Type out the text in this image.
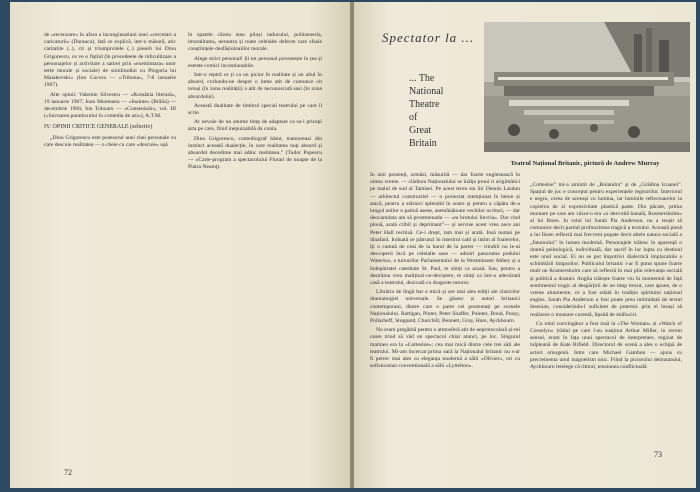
de «recenzare» în afara a incongiutatiuni unei «cercetari a caricaturii» (Durauca), lată ce explică, intr-o măsură, atic caritatile (..), cit și triumpivitele (..) pieseli lui Dinu Grigorescu, ce ve o fiștiid (în procedeele de ridicultizare a personajelor și activitare a satirei prin «exemintara» unor terte morale și sociale) de similitudini cu Plogoria lui Maiakovski» (Ion Cocora — «Tribuna», 7-8 ianuarie 1967).

Alte opinii: Valentin Silvestru — «România literară», 19 ianuarie 1967; Ioan Munteanu — «Inainte» (Brăila) — decembrie 1966; Ion Toboaru — «Conseninăr», vol. III («Savoarea paradoxului în comedia de azi»), A.T.M.

IV. OPINII CRITICE GENERALE (selectiv)

„Dinu Grigorescu este posesorul unei chei personale cu care descuie realitatea — o cheie cu care «descuie» ușă

în spatele căreia stau piloși raducului, politzeneria, imoralitatea, neruntra și toate celelalte defecte care sfasie conștiințele desfășioloaiilor morale.

Alege strict personal! Și tot personal povestește în țea și esteste comici incontiunabile.

Intr-o reptră ce ți ca un picior în realitate și un altul în absurd, corlundu-ne despre o lume atit de comunce cit totuși (în zona realității) a atit de necunoscută sasi (în zona absurdului).

Această dualitate de timbrul special teatrului pe care il scrie.

Ar nevoie de un anume timp de adaptare ca sa-i pricepi arta pe care, fiind inepuizabilă da conia.

Dinu Grigorescu, comediograf bătut, mamoreazi din instinct această dualecție, în care realitatea nuți absurd și absurdul decedime mai adinc realitatea.” (Tudor Popescu — «Carte-program a spectacolului Florari de noapte de la Piatra Neamț).

72
Spectator la ...
... The
National
Theatre
of
Great
Britain
Teatrul Național Britanic, pictură de Andrew Murray

In anii prezenți, urmăsi, măsurită — dar foarte englezească în uitma vreme. — clădirea Naționalului se înălța pruni ti arigimătici pe malul de sud al Tamisei. Pe acest teren sta Sir Dennis Lasdun — arhitectul constructiei — n proiectat intenționat în beton și atacă, pentru a stârnici splendid în soare și pentru a căpăta de-a lungul anilor o patină asene, asemănătoare vechilor ocrituri, — dar deocamdata am să prostmenada — «ta brutului linvria». Dar cind plouă, arată cribil și deprimant”— și servise acest vreo zece ani Peter Hall recitisă. Ce-i drept, tam mai și arată. Insă numai pe dinafară. Induată ce pătrunzi în interirul cald și intim al foaierelor, îți o camnă de ceai de la barul de la parter — trindrii nu le-ai descoperit încă pe celelalte sase — admiri panorama podului Waterloo, a turnurilor Parlamentului de la Westminster Abbey și a îndepărtatei catedrale St. Paul, te simți ca acasă. Sau, pentru a destrăma vreo malițiozi-ce-deviștere, te simți ca într-o adevărată casă a teatrului, dezicată cu dragoste tuturor.

Librăria de lîngă bar e mică și are mai ales ediții ale clasicilor dramaturgiei universale. Se găsesc și autori britanici contemporani, dintre care o parte cei prezentați pe scenele Naționalului. Rattigan, Pinter, Peter Shaffer, Pointer, Bond, Poszy, Pollarheff, Stoppard, Churchill, Bennett, Gray, Hare, Ayckbourn.

Nu eram pregătită pentru o atmosferă atit de neprotocolară și-mi ceare trind să văd un spectacol chiar atunci, pe loc. Singurul matineu era la «Cottesloe»; cea mai mică dintre cele trei săli ale teatrului. Mi-am încercat prima oară la Naționalul britanic nu s-ar fi petrec mai ales cu eleganța modernă a sălii «Olivier», ori cu sofisticatian conventională a sălii «Lyttelton».

„Cottesloe” mi-a amintit de „Bulandra” și de „Grădina Icoanei”. Spațiul de joc e conceput pentru experiențele regisorilor. Interiorul e negru, cerea de aceeași cu lumina, iar luminile reflectoarelor la copierea de zi expresivitate plastică paste. Din păcate, prima montare pe care am văzut-o era «o dezvoltă banală, Rosmersholm» al lui Ibsen. In rolul lui Sarah Pia Anderson, nu a reușit să comunice decit partial profunzimea tragică a textului. Această piesă a lui Ibsen reflectă mai frecvent popate decit altele natura socială a „fatumului” în lumea modernă. Personajele trăiesc în aparență o dramă psihologică, individuală, dar sacrif în lor lupta cu destinul este unul social. Ei nu se pot împotrivi dialectică implacabile a schimbării timpurilor. Publicului britanic i-ar fi putut spune foarte mult un Rosmersholm care să reflectă în mai plin relevanța socială și politică a dramei. Anglia trăiește foarte viu în momentul de față sentimentul tragic al despărțirii de un timp trecut, care apune, de o vreme alumierste, ce a fost odată în tradiția spiritului național englez. Sarah Pia Anderson a fost poate prea intimidată de textul ibsenian, considerindu-l suficient de puternic prin el însuși să realizeze o montare curentă, lipsită de străluciri.

Cu totul convingător a fost insă la «The Woman» și «Watch of Cornelyn» (rădul pe care l-au susținut Arthur Miller, in recent sensul, eram în fața unui spectacol de interpretare, regizat de tulpleană de Kate Rifield. Directorul de scenă a ales o echipă de actori omogenă. Intre care Michael Gambon — ajuns cu precreinenta unul magnetism unic. Fiind la piciorului demutatului, Ayckbourn letelege că ritmul, tensiunea conflictuală

73
